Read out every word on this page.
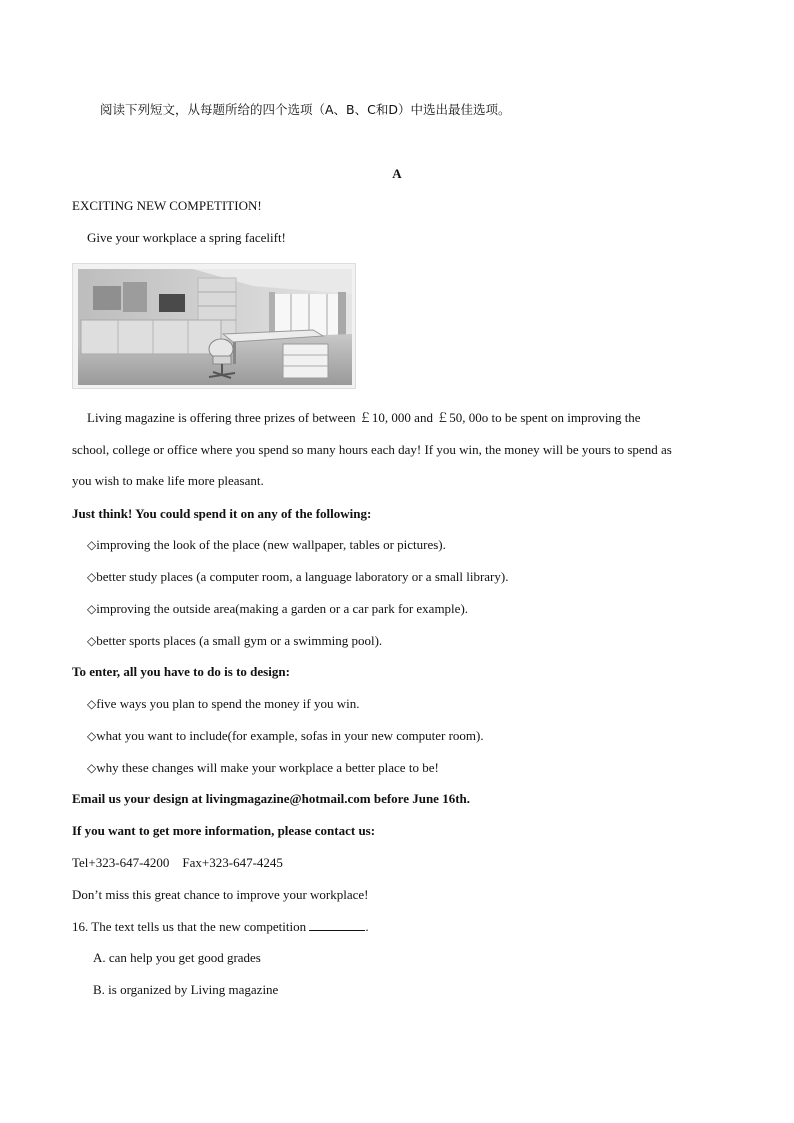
阅读下列短文，从每题所给的四个选项（A、B、C和D）中选出最佳选项。
A
EXCITING NEW COMPETITION!
Give your workplace a spring facelift!
Living magazine is offering three prizes of between ￡10, 000 and ￡50, 00o to be spent on improving the
school, college or office where you spend so many hours each day! If you win, the money will be yours to spend as
you wish to make life more pleasant.
Just think! You could spend it on any of the following:
◇improving the look of the place (new wallpaper, tables or pictures).
◇better study places (a computer room, a language laboratory or a small library).
◇improving the outside area(making a garden or a car park for example).
◇better sports places (a small gym or a swimming pool).
To enter, all you have to do is to design:
◇five ways you plan to spend the money if you win.
◇what you want to include(for example, sofas in your new computer room).
◇why these changes will make your workplace a better place to be!
Email us your design at livingmagazine@hotmail.com before June 16th.
If you want to get more information, please contact us:
Tel+323-647-4200    Fax+323-647-4245
Don’t miss this great chance to improve your workplace!
16. The text tells us that the new competition	.
A. can help you get good grades
B. is organized by Living magazine
